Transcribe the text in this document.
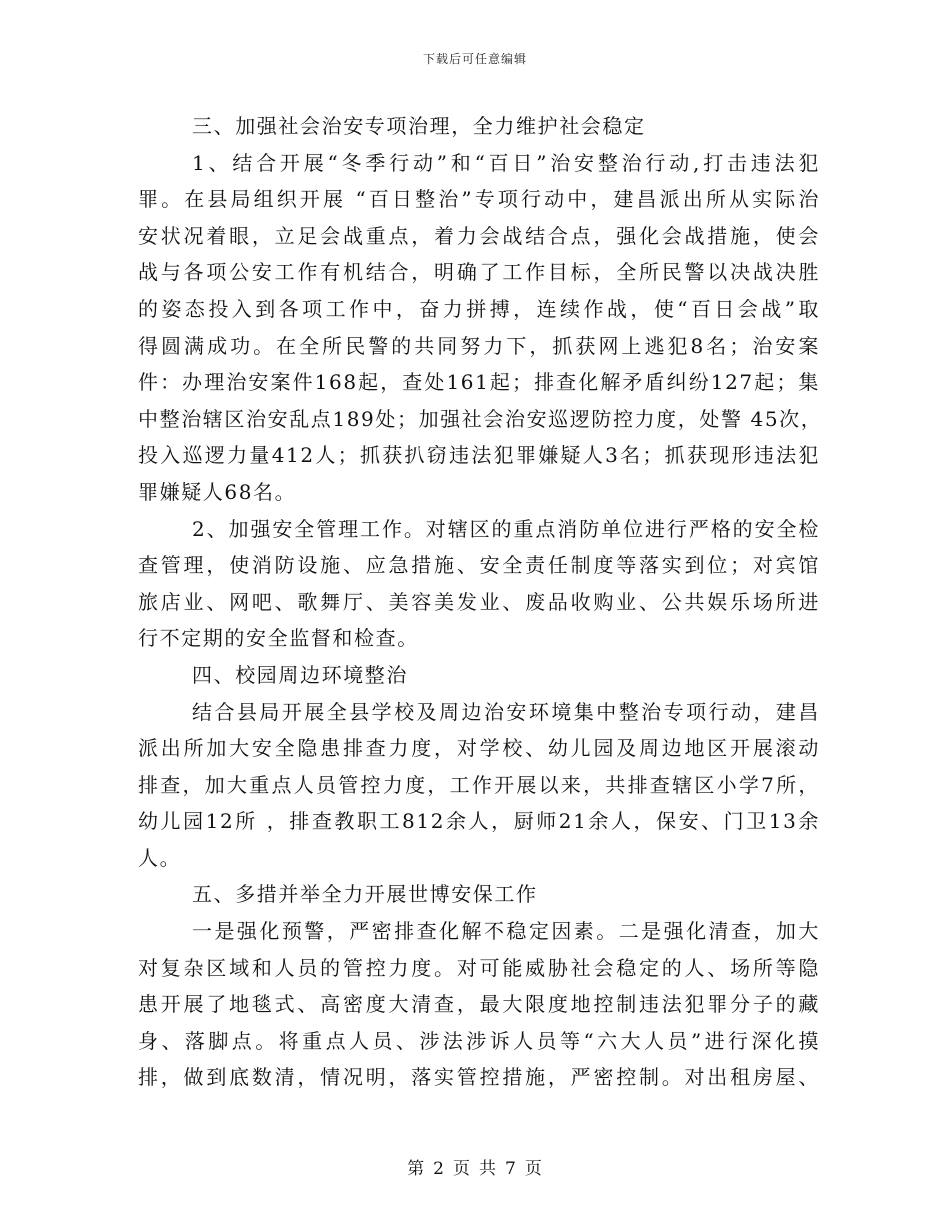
下载后可任意编辑
三、加强社会治安专项治理，全力维护社会稳定
1、结合开展“冬季行动”和“百日”治安整治行动,打击违法犯
罪。在县局组织开展 “百日整治”专项行动中，建昌派出所从实际治
安状况着眼，立足会战重点，着力会战结合点，强化会战措施，使会
战与各项公安工作有机结合，明确了工作目标，全所民警以决战决胜
的姿态投入到各项工作中，奋力拼搏，连续作战，使“百日会战”取
得圆满成功。在全所民警的共同努力下，抓获网上逃犯8名；治安案
件：办理治安案件168起，查处161起；排查化解矛盾纠纷127起；集
中整治辖区治安乱点189处；加强社会治安巡逻防控力度，处警 45次，
投入巡逻力量412人；抓获扒窃违法犯罪嫌疑人3名；抓获现形违法犯
罪嫌疑人68名。
2、加强安全管理工作。对辖区的重点消防单位进行严格的安全检
查管理，使消防设施、应急措施、安全责任制度等落实到位；对宾馆
旅店业、网吧、歌舞厅、美容美发业、废品收购业、公共娱乐场所进
行不定期的安全监督和检查。
四、校园周边环境整治
结合县局开展全县学校及周边治安环境集中整治专项行动，建昌
派出所加大安全隐患排查力度，对学校、幼儿园及周边地区开展滚动
排查，加大重点人员管控力度，工作开展以来，共排查辖区小学7所，
幼儿园12所 ，排查教职工812余人，厨师21余人，保安、门卫13余
人。
五、多措并举全力开展世博安保工作
一是强化预警，严密排查化解不稳定因素。二是强化清查，加大
对复杂区域和人员的管控力度。对可能威胁社会稳定的人、场所等隐
患开展了地毯式、高密度大清查，最大限度地控制违法犯罪分子的藏
身、落脚点。将重点人员、涉法涉诉人员等“六大人员”进行深化摸
排，做到底数清，情况明，落实管控措施，严密控制。对出租房屋、
第 2 页 共 7 页
